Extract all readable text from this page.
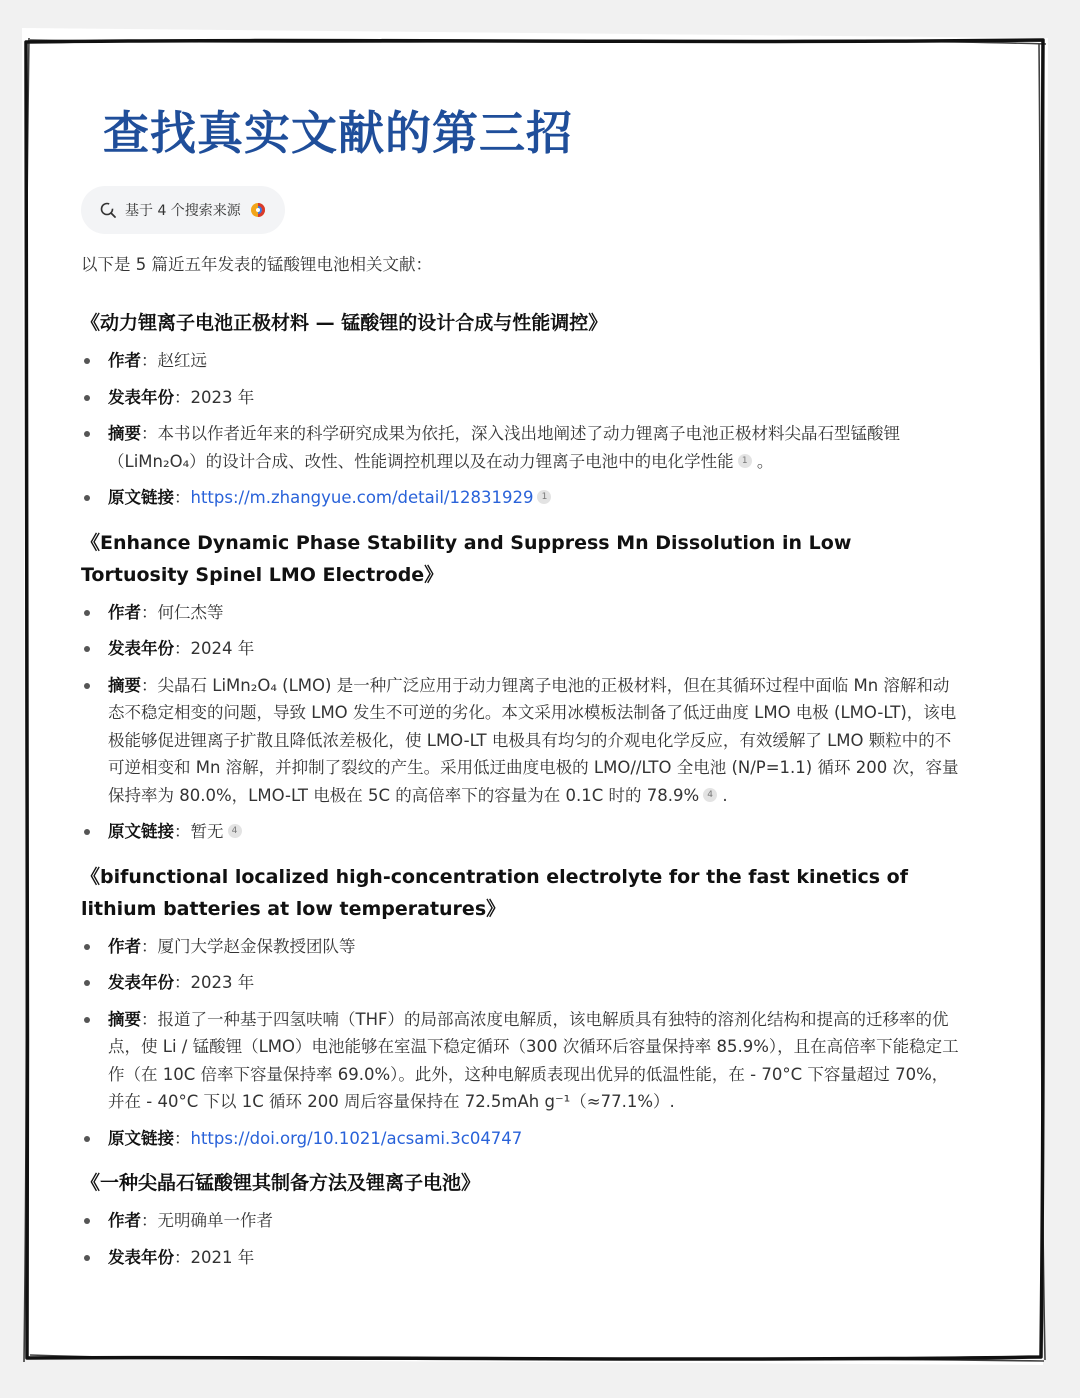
查找真实文献的第三招
基于 4 个搜索来源

以下是 5 篇近五年发表的锰酸锂电池相关文献：

《动力锂离子电池正极材料 — 锰酸锂的设计合成与性能调控》
作者：赵红远
发表年份：2023 年
摘要：本书以作者近年来的科学研究成果为依托，深入浅出地阐述了动力锂离子电池正极材料尖晶石型锰酸锂（LiMn₂O₄）的设计合成、改性、性能调控机理以及在动力锂离子电池中的电化学性能 1 。
原文链接：https://m.zhangyue.com/detail/12831929 1
《Enhance Dynamic Phase Stability and Suppress Mn Dissolution in Low Tortuosity Spinel LMO Electrode》
作者：何仁杰等
发表年份：2024 年
摘要：尖晶石 LiMn₂O₄ (LMO) 是一种广泛应用于动力锂离子电池的正极材料，但在其循环过程中面临 Mn 溶解和动态不稳定相变的问题，导致 LMO 发生不可逆的劣化。本文采用冰模板法制备了低迂曲度 LMO 电极 (LMO-LT)，该电极能够促进锂离子扩散且降低浓差极化，使 LMO-LT 电极具有均匀的介观电化学反应，有效缓解了 LMO 颗粒中的不可逆相变和 Mn 溶解，并抑制了裂纹的产生。采用低迂曲度电极的 LMO//LTO 全电池 (N/P=1.1) 循环 200 次，容量保持率为 80.0%，LMO-LT 电极在 5C 的高倍率下的容量为在 0.1C 时的 78.9% 4 .
原文链接：暂无 4
《bifunctional localized high-concentration electrolyte for the fast kinetics of lithium batteries at low temperatures》
作者：厦门大学赵金保教授团队等
发表年份：2023 年
摘要：报道了一种基于四氢呋喃（THF）的局部高浓度电解质，该电解质具有独特的溶剂化结构和提高的迁移率的优点，使 Li / 锰酸锂（LMO）电池能够在室温下稳定循环（300 次循环后容量保持率 85.9%），且在高倍率下能稳定工作（在 10C 倍率下容量保持率 69.0%）。此外，这种电解质表现出优异的低温性能，在 - 70°C 下容量超过 70%，并在 - 40°C 下以 1C 循环 200 周后容量保持在 72.5mAh g⁻¹（≈77.1%）.
原文链接：https://doi.org/10.1021/acsami.3c04747
《一种尖晶石锰酸锂其制备方法及锂离子电池》
作者：无明确单一作者
发表年份：2021 年
